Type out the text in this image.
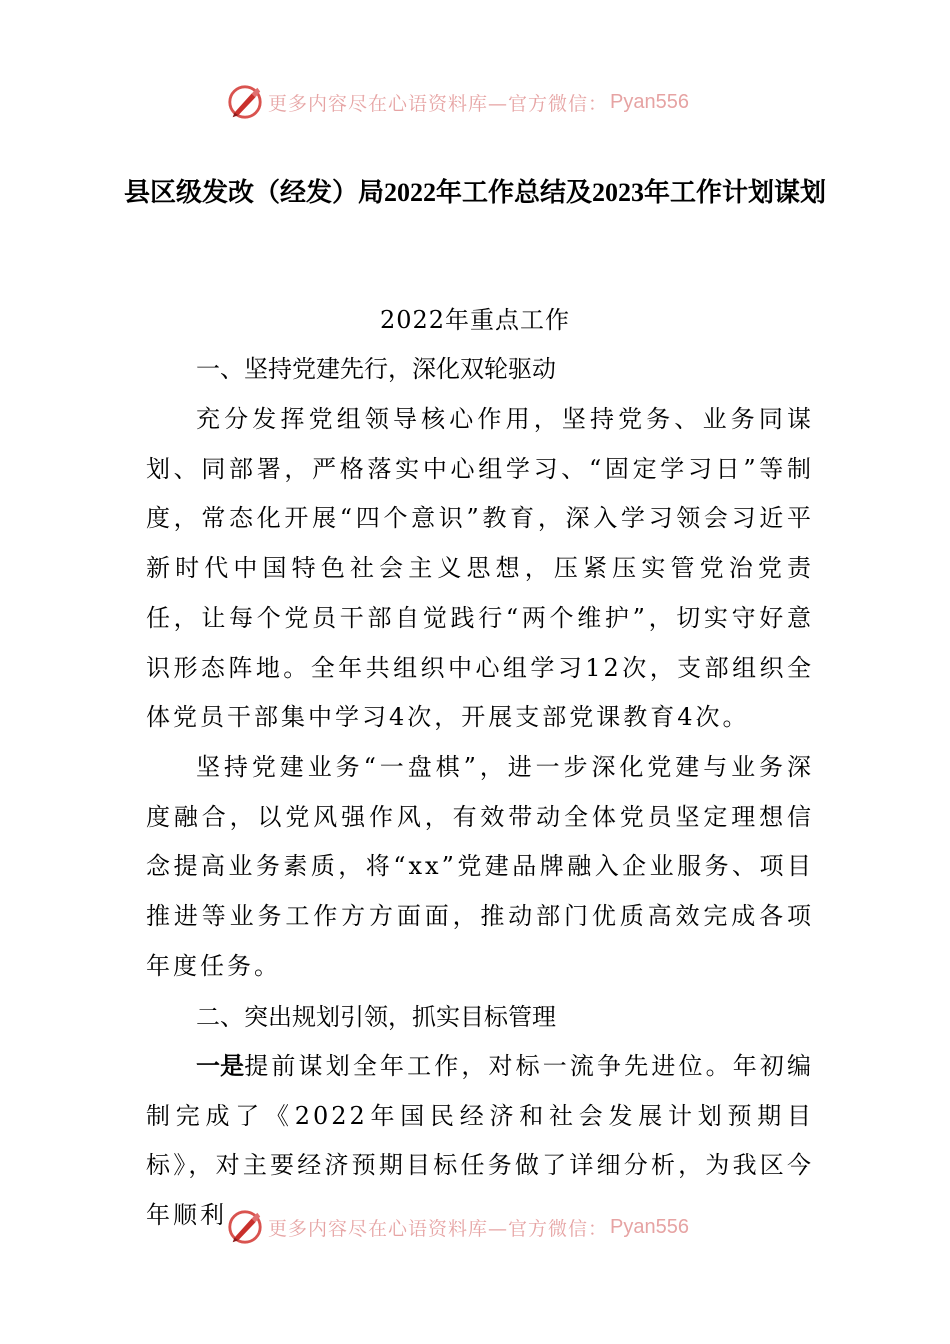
更多内容尽在心语资料库—官方微信： Pyan556
县区级发改（经发）局2022年工作总结及2023年工作计划谋划
2022年重点工作
一、坚持党建先行，深化双轮驱动
充分发挥党组领导核心作用，坚持党务、业务同谋划、同部署，严格落实中心组学习、“固定学习日”等制度，常态化开展“四个意识”教育，深入学习领会习近平新时代中国特色社会主义思想，压紧压实管党治党责任，让每个党员干部自觉践行“两个维护”，切实守好意识形态阵地。全年共组织中心组学习12次，支部组织全体党员干部集中学习4次，开展支部党课教育4次。
坚持党建业务“一盘棋”，进一步深化党建与业务深度融合，以党风强作风，有效带动全体党员坚定理想信念提高业务素质，将“xx”党建品牌融入企业服务、项目推进等业务工作方方面面，推动部门优质高效完成各项年度任务。
二、突出规划引领，抓实目标管理
一是提前谋划全年工作，对标一流争先进位。年初编制完成了《2022年国民经济和社会发展计划预期目标》，对主要经济预期目标任务做了详细分析，为我区今年顺利	更多内容尽在心语资料库—官方微信： Pyan556
